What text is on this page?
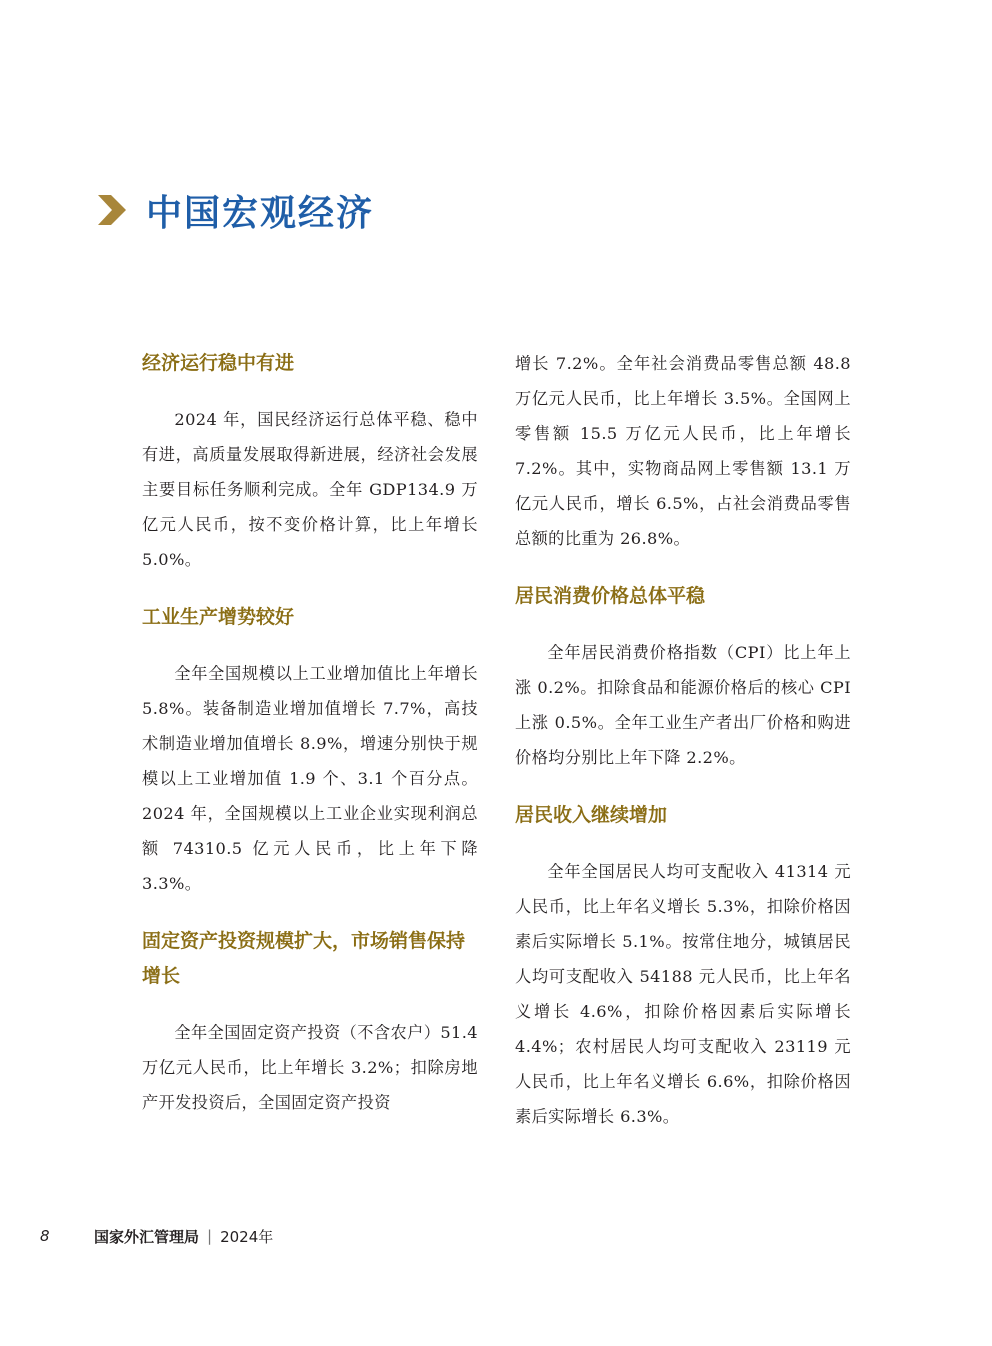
中国宏观经济
经济运行稳中有进

2024 年，国民经济运行总体平稳、稳中有进，高质量发展取得新进展，经济社会发展主要目标任务顺利完成。全年 GDP134.9 万亿元人民币，按不变价格计算，比上年增长 5.0%。

工业生产增势较好

全年全国规模以上工业增加值比上年增长 5.8%。装备制造业增加值增长 7.7%，高技术制造业增加值增长 8.9%，增速分别快于规模以上工业增加值 1.9 个、3.1 个百分点。2024 年，全国规模以上工业企业实现利润总额 74310.5 亿元人民币，比上年下降 3.3%。

固定资产投资规模扩大，市场销售保持增长

全年全国固定资产投资（不含农户）51.4 万亿元人民币，比上年增长 3.2%；扣除房地产开发投资后，全国固定资产投资

增长 7.2%。全年社会消费品零售总额 48.8 万亿元人民币，比上年增长 3.5%。全国网上零售额 15.5 万亿元人民币，比上年增长 7.2%。其中，实物商品网上零售额 13.1 万亿元人民币，增长 6.5%，占社会消费品零售总额的比重为 26.8%。

居民消费价格总体平稳

全年居民消费价格指数（CPI）比上年上涨 0.2%。扣除食品和能源价格后的核心 CPI 上涨 0.5%。全年工业生产者出厂价格和购进价格均分别比上年下降 2.2%。

居民收入继续增加

全年全国居民人均可支配收入 41314 元人民币，比上年名义增长 5.3%，扣除价格因素后实际增长 5.1%。按常住地分，城镇居民人均可支配收入 54188 元人民币，比上年名义增长 4.6%，扣除价格因素后实际增长 4.4%；农村居民人均可支配收入 23119 元人民币，比上年名义增长 6.6%，扣除价格因素后实际增长 6.3%。

8	国家外汇管理局 | 2024年
